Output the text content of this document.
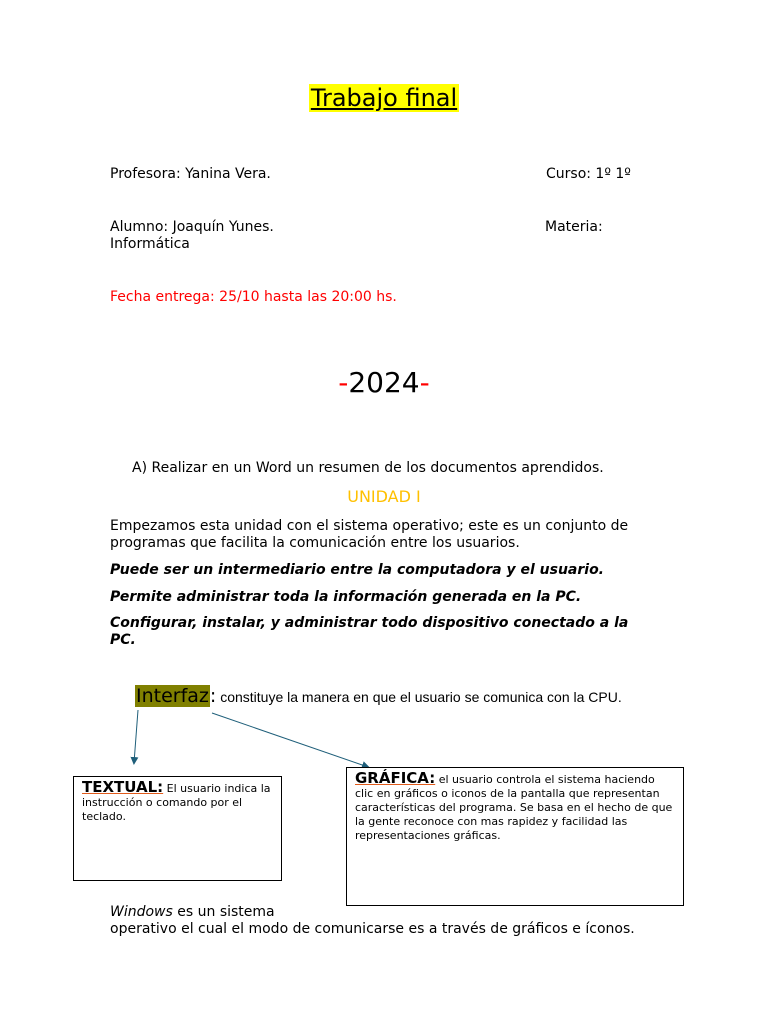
Trabajo final
Profesora: Yanina Vera.	Curso: 1º 1º
Alumno: Joaquín Yunes.	Materia:
Informática
Fecha entrega: 25/10 hasta las 20:00 hs.
-2024-
A) Realizar en un Word un resumen de los documentos aprendidos.
UNIDAD I
Empezamos esta unidad con el sistema operativo; este es un conjunto de programas que facilita la comunicación entre los usuarios.
Puede ser un intermediario entre la computadora y el usuario.
Permite administrar toda la información generada en la PC.
Configurar, instalar, y administrar todo dispositivo conectado a la PC.
Interfaz: constituye la manera en que el usuario se comunica con la CPU.
TEXTUAL: El usuario indica la instrucción o comando por el teclado.
GRÁFICA: el usuario controla el sistema haciendo clic en gráficos o iconos de la pantalla que representan características del programa. Se basa en el hecho de que la gente reconoce con mas rapidez y facilidad las representaciones gráficas.
Windows es un sistema
operativo el cual el modo de comunicarse es a través de gráficos e íconos.
